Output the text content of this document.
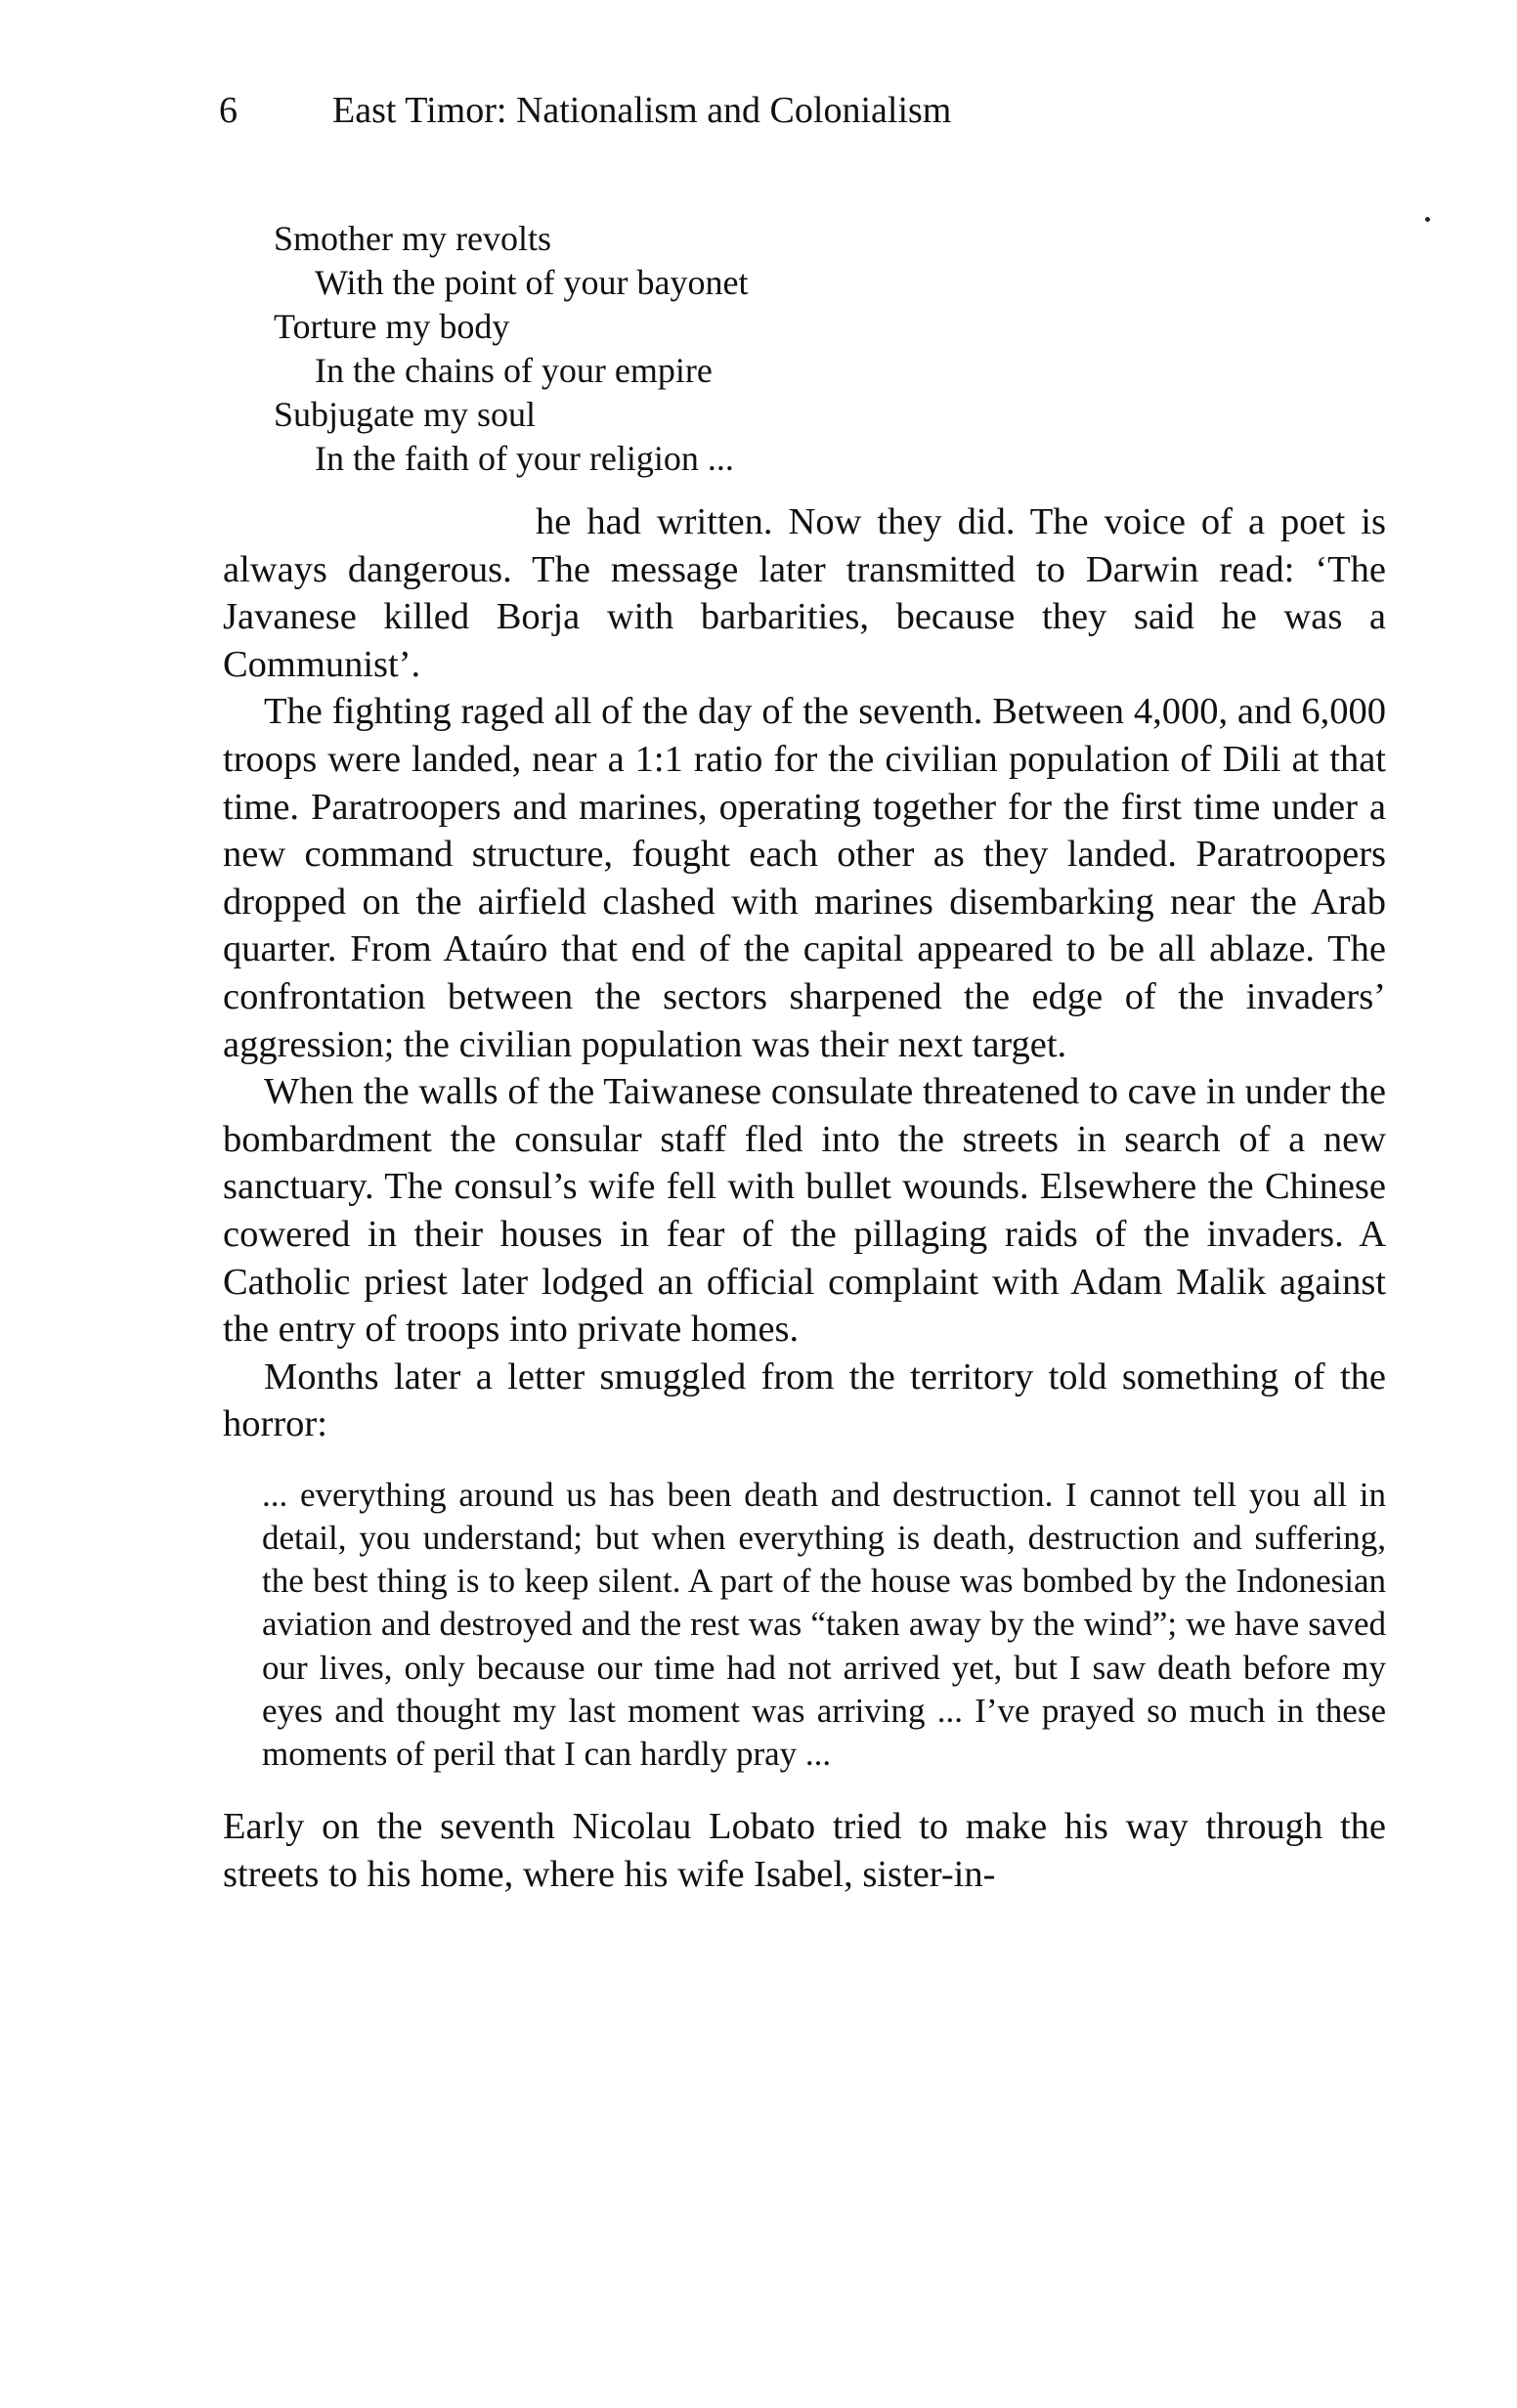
6	East Timor: Nationalism and Colonialism
Smother my revolts
With the point of your bayonet
Torture my body
In the chains of your empire
Subjugate my soul
In the faith of your religion ...

he had written. Now they did. The voice of a poet is always dangerous. The message later transmitted to Darwin read: ‘The Javanese killed Borja with barbarities, because they said he was a Communist’.

The fighting raged all of the day of the seventh. Between 4,000, and 6,000 troops were landed, near a 1:1 ratio for the civilian population of Dili at that time. Paratroopers and marines, operating together for the first time under a new command structure, fought each other as they landed. Paratroopers dropped on the airfield clashed with marines disembarking near the Arab quarter. From Ataúro that end of the capital appeared to be all ablaze. The confrontation between the sectors sharpened the edge of the invaders’ aggression; the civilian population was their next target.

When the walls of the Taiwanese consulate threatened to cave in under the bombardment the consular staff fled into the streets in search of a new sanctuary. The consul’s wife fell with bullet wounds. Elsewhere the Chinese cowered in their houses in fear of the pillaging raids of the invaders. A Catholic priest later lodged an official complaint with Adam Malik against the entry of troops into private homes.

Months later a letter smuggled from the territory told something of the horror:

... everything around us has been death and destruction. I cannot tell you all in detail, you understand; but when everything is death, destruction and suffering, the best thing is to keep silent. A part of the house was bombed by the Indonesian aviation and destroyed and the rest was “taken away by the wind”; we have saved our lives, only because our time had not arrived yet, but I saw death before my eyes and thought my last moment was arriving ... I’ve prayed so much in these moments of peril that I can hardly pray ...

Early on the seventh Nicolau Lobato tried to make his way through the streets to his home, where his wife Isabel, sister-in-
